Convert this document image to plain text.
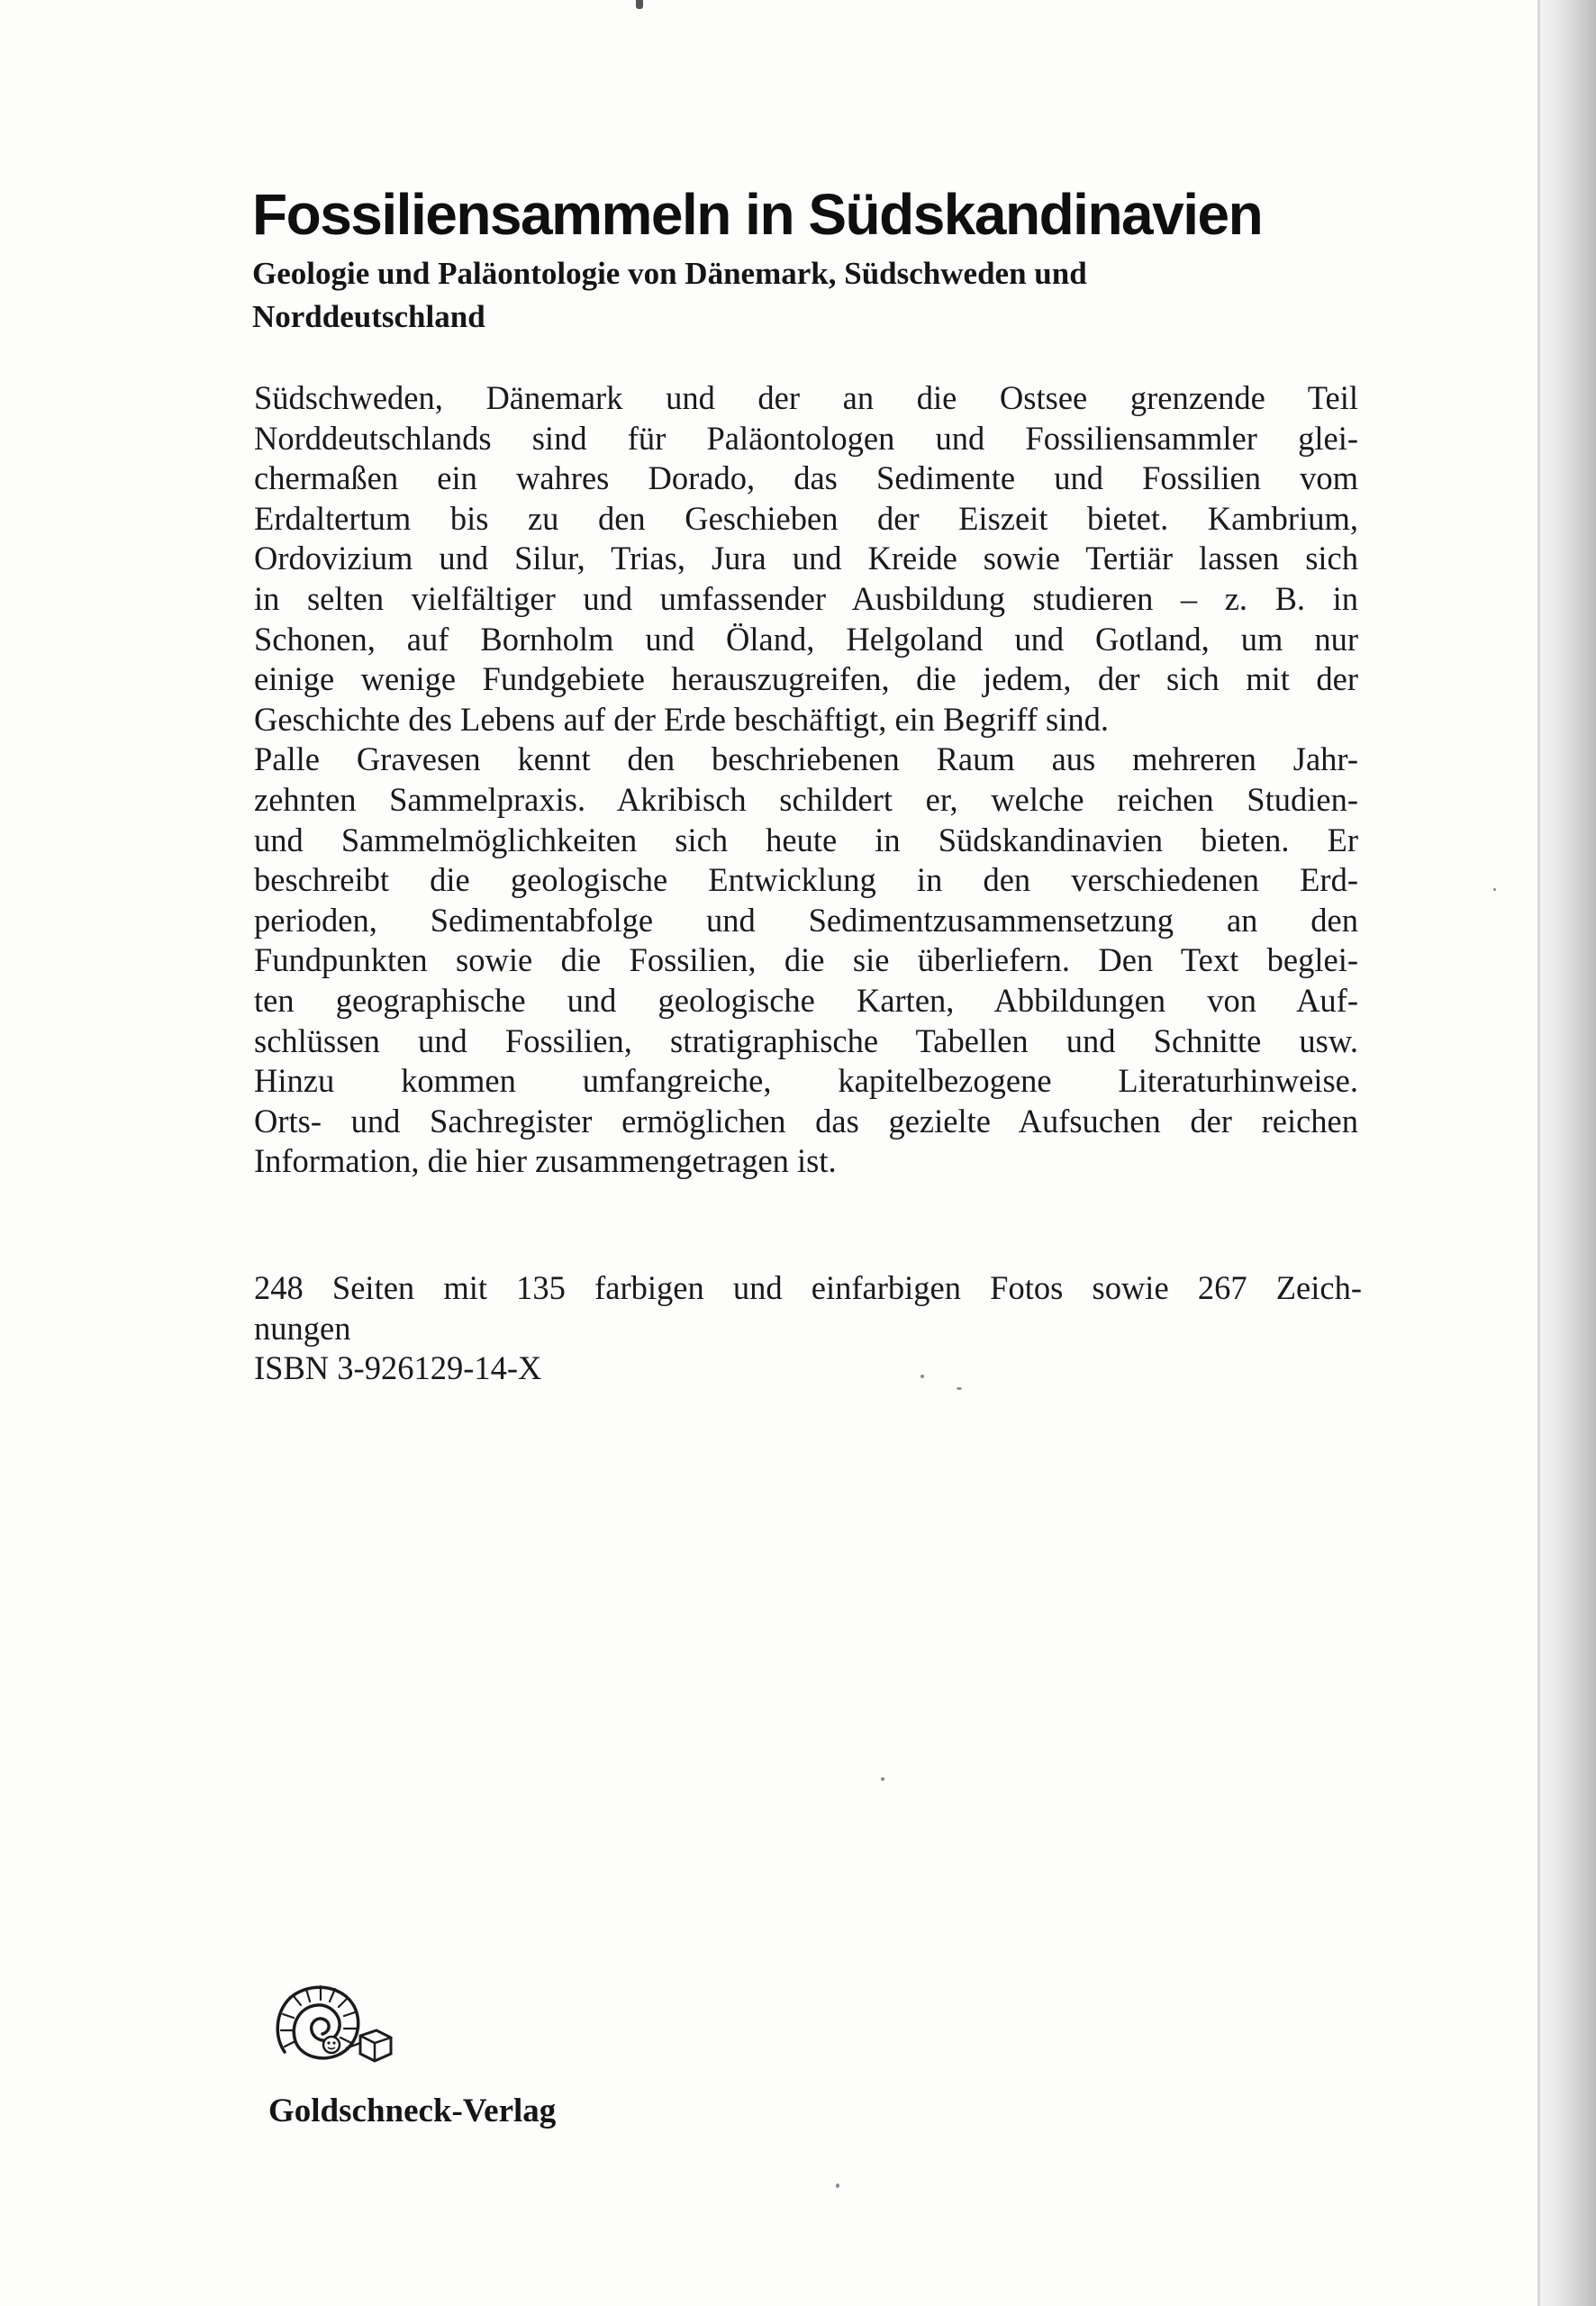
Fossiliensammeln in Südskandinavien
Geologie und Paläontologie von Dänemark, Südschweden und
Norddeutschland
Südschweden, Dänemark und der an die Ostsee grenzende Teil
Norddeutschlands sind für Paläontologen und Fossiliensammler glei-
chermaßen ein wahres Dorado, das Sedimente und Fossilien vom
Erdaltertum bis zu den Geschieben der Eiszeit bietet. Kambrium,
Ordovizium und Silur, Trias, Jura und Kreide sowie Tertiär lassen sich
in selten vielfältiger und umfassender Ausbildung studieren – z. B. in
Schonen, auf Bornholm und Öland, Helgoland und Gotland, um nur
einige wenige Fundgebiete herauszugreifen, die jedem, der sich mit der
Geschichte des Lebens auf der Erde beschäftigt, ein Begriff sind.
Palle Gravesen kennt den beschriebenen Raum aus mehreren Jahr-
zehnten Sammelpraxis. Akribisch schildert er, welche reichen Studien-
und Sammelmöglichkeiten sich heute in Südskandinavien bieten. Er
beschreibt die geologische Entwicklung in den verschiedenen Erd-
perioden, Sedimentabfolge und Sedimentzusammensetzung an den
Fundpunkten sowie die Fossilien, die sie überliefern. Den Text beglei-
ten geographische und geologische Karten, Abbildungen von Auf-
schlüssen und Fossilien, stratigraphische Tabellen und Schnitte usw.
Hinzu kommen umfangreiche, kapitelbezogene Literaturhinweise.
Orts- und Sachregister ermöglichen das gezielte Aufsuchen der reichen
Information, die hier zusammengetragen ist.
248 Seiten mit 135 farbigen und einfarbigen Fotos sowie 267 Zeich-
nungen
ISBN 3-926129-14-X

Goldschneck-Verlag
